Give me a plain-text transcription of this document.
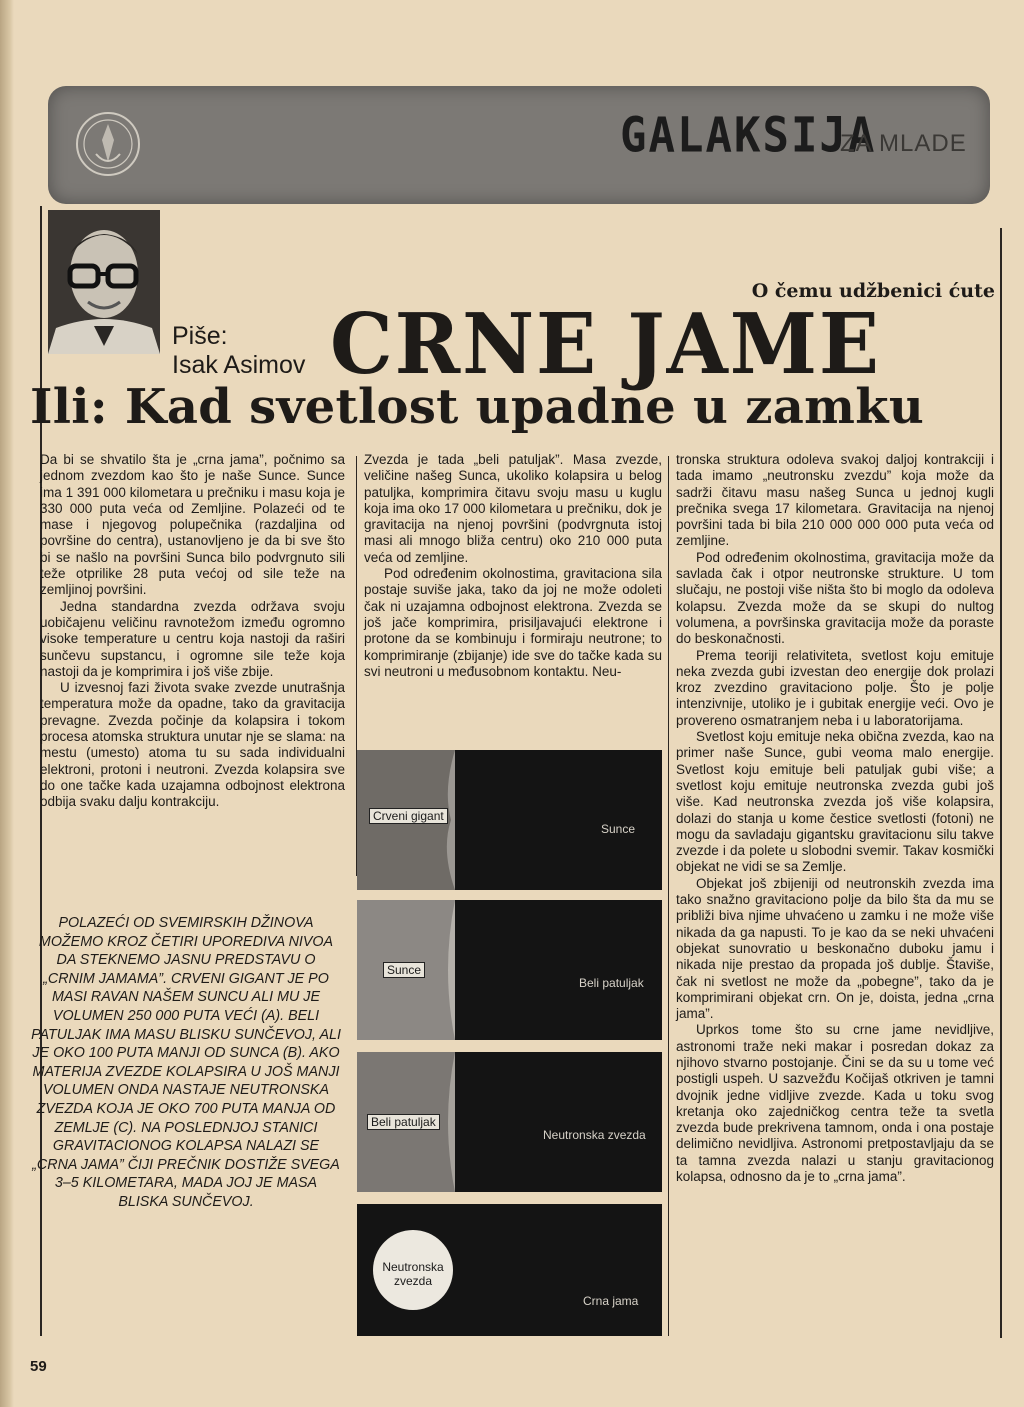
GALAKSIJA
ZA MLADE
Piše:
Isak Asimov
O čemu udžbenici ćute
CRNE JAME
Ili: Kad svetlost upadne u zamku

Da bi se shvatilo šta je „crna jama”, počnimo sa jednom zvezdom kao što je naše Sunce. Sunce ima 1 391 000 kilometara u prečniku i masu koja je 330 000 puta veća od Zemljine. Polazeći od te mase i njegovog polupečnika (razdaljina od površine do centra), ustanovljeno je da bi sve što bi se našlo na površini Sunca bilo podvrgnuto sili teže otprilike 28 puta većoj od sile teže na zemljinoj površini.

Jedna standardna zvezda održava svoju uobičajenu veličinu ravnotežom između ogromno visoke temperature u centru koja nastoji da raširi sunčevu supstancu, i ogromne sile teže koja nastoji da je komprimira i još više zbije.

U izvesnoj fazi života svake zvezde unutrašnja temperatura može da opadne, tako da gravitacija prevagne. Zvezda počinje da kolapsira i tokom procesa atomska struktura unutar nje se slama: na mestu (umesto) atoma tu su sada individualni elektroni, protoni i neutroni. Zvezda kolapsira sve do one tačke kada uzajamna odbojnost elektrona odbija svaku dalju kontrakciju.

POLAZEĆI OD SVEMIRSKIH DŽINOVA MOŽEMO KROZ ČETIRI UPOREDIVA NIVOA DA STEKNEMO JASNU PREDSTAVU O „CRNIM JAMAMA”. CRVENI GIGANT JE PO MASI RAVAN NAŠEM SUNCU ALI MU JE VOLUMEN 250 000 PUTA VEĆI (A). BELI PATULJAK IMA MASU BLISKU SUNČEVOJ, ALI JE OKO 100 PUTA MANJI OD SUNCA (B). AKO MATERIJA ZVEZDE KOLAPSIRA U JOŠ MANJI VOLUMEN ONDA NASTAJE NEUTRONSKA ZVEZDA KOJA JE OKO 700 PUTA MANJA OD ZEMLJE (C). NA POSLEDNJOJ STANICI GRAVITACIONOG KOLAPSA NALAZI SE „CRNA JAMA” ČIJI PREČNIK DOSTIŽE SVEGA 3–5 KILOMETARA, MADA JOJ JE MASA BLISKA SUNČEVOJ.

Zvezda je tada „beli patuljak”. Masa zvezde, veličine našeg Sunca, ukoliko kolapsira u belog patuljka, komprimira čitavu svoju masu u kuglu koja ima oko 17 000 kilometara u prečniku, dok je gravitacija na njenoj površini (podvrgnuta istoj masi ali mnogo bliža centru) oko 210 000 puta veća od zemljine.

Pod određenim okolnostima, gravitaciona sila postaje suviše jaka, tako da joj ne može odoleti čak ni uzajamna odbojnost elektrona. Zvezda se još jače komprimira, prisiljavajući elektrone i protone da se kombinuju i formiraju neutrone; to komprimiranje (zbijanje) ide sve do tačke kada su svi neutroni u međusobnom kontaktu. Neu-

Crveni gigant
Sunce
Sunce
Beli patuljak
Beli patuljak
Neutronska zvezda
Neutronska zvezda
Crna jama

tronska struktura odoleva svakoj daljoj kontrakciji i tada imamo „neutronsku zvezdu” koja može da sadrži čitavu masu našeg Sunca u jednoj kugli prečnika svega 17 kilometara. Gravitacija na njenoj površini tada bi bila 210 000 000 000 puta veća od zemljine.

Pod određenim okolnostima, gravitacija može da savlada čak i otpor neutronske strukture. U tom slučaju, ne postoji više ništa što bi moglo da odoleva kolapsu. Zvezda može da se skupi do nultog volumena, a površinska gravitacija može da poraste do beskonačnosti.

Prema teoriji relativiteta, svetlost koju emituje neka zvezda gubi izvestan deo energije dok prolazi kroz zvezdino gravitaciono polje. Što je polje intenzivnije, utoliko je i gubitak energije veći. Ovo je provereno osmatranjem neba i u laboratorijama.

Svetlost koju emituje neka obična zvezda, kao na primer naše Sunce, gubi veoma malo energije. Svetlost koju emituje beli patuljak gubi više; a svetlost koju emituje neutronska zvezda gubi još više. Kad neutronska zvezda još više kolapsira, dolazi do stanja u kome čestice svetlosti (fotoni) ne mogu da savladaju gigantsku gravitacionu silu takve zvezde i da polete u slobodni svemir. Takav kosmički objekat ne vidi se sa Zemlje.

Objekat još zbijeniji od neutronskih zvezda ima tako snažno gravitaciono polje da bilo šta da mu se približi biva njime uhvaćeno u zamku i ne može više nikada da ga napusti. To je kao da se neki uhvaćeni objekat sunovratio u beskonačno duboku jamu i nikada nije prestao da propada još dublje. Štaviše, čak ni svetlost ne može da „pobegne”, tako da je komprimirani objekat crn. On je, doista, jedna „crna jama”.

Uprkos tome što su crne jame nevidljive, astronomi traže neki makar i posredan dokaz za njihovo stvarno postojanje. Čini se da su u tome već postigli uspeh. U sazvežđu Kočijaš otkriven je tamni dvojnik jedne vidljive zvezde. Kada u toku svog kretanja oko zajedničkog centra teže ta svetla zvezda bude prekrivena tamnom, onda i ona postaje delimično nevidljiva. Astronomi pretpostavljaju da se ta tamna zvezda nalazi u stanju gravitacionog kolapsa, odnosno da je to „crna jama”.

59
